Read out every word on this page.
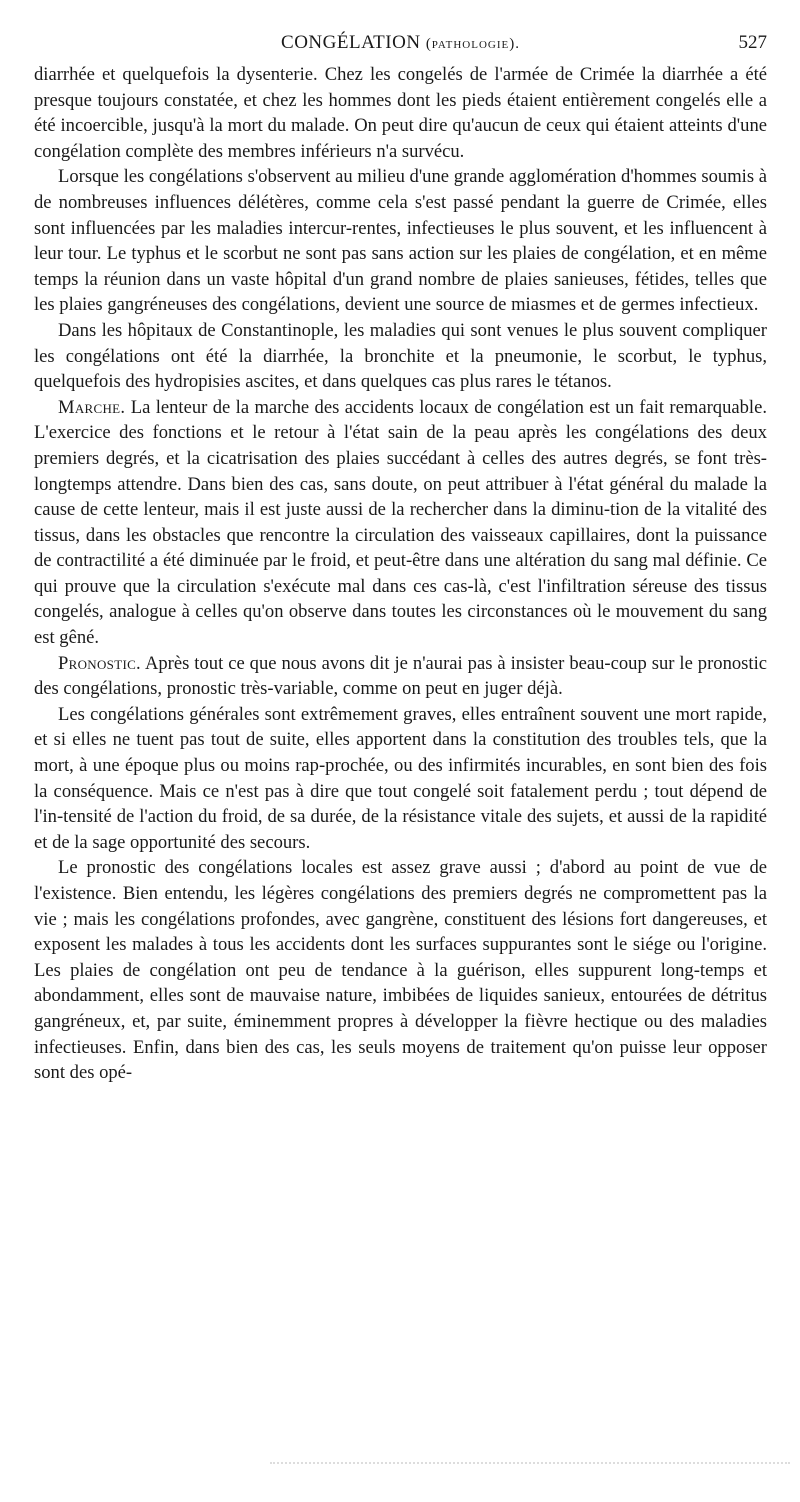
CONGÉLATION (pathologie).	527

diarrhée et quelquefois la dysenterie. Chez les congelés de l'armée de Crimée la diarrhée a été presque toujours constatée, et chez les hommes dont les pieds étaient entièrement congelés elle a été incoercible, jusqu'à la mort du malade. On peut dire qu'aucun de ceux qui étaient atteints d'une congélation complète des membres inférieurs n'a survécu.

Lorsque les congélations s'observent au milieu d'une grande agglomération d'hommes soumis à de nombreuses influences délétères, comme cela s'est passé pendant la guerre de Crimée, elles sont influencées par les maladies intercur-rentes, infectieuses le plus souvent, et les influencent à leur tour. Le typhus et le scorbut ne sont pas sans action sur les plaies de congélation, et en même temps la réunion dans un vaste hôpital d'un grand nombre de plaies sanieuses, fétides, telles que les plaies gangréneuses des congélations, devient une source de miasmes et de germes infectieux.

Dans les hôpitaux de Constantinople, les maladies qui sont venues le plus souvent compliquer les congélations ont été la diarrhée, la bronchite et la pneumonie, le scorbut, le typhus, quelquefois des hydropisies ascites, et dans quelques cas plus rares le tétanos.

Marche. La lenteur de la marche des accidents locaux de congélation est un fait remarquable. L'exercice des fonctions et le retour à l'état sain de la peau après les congélations des deux premiers degrés, et la cicatrisation des plaies succédant à celles des autres degrés, se font très-longtemps attendre. Dans bien des cas, sans doute, on peut attribuer à l'état général du malade la cause de cette lenteur, mais il est juste aussi de la rechercher dans la diminu-tion de la vitalité des tissus, dans les obstacles que rencontre la circulation des vaisseaux capillaires, dont la puissance de contractilité a été diminuée par le froid, et peut-être dans une altération du sang mal définie. Ce qui prouve que la circulation s'exécute mal dans ces cas-là, c'est l'infiltration séreuse des tissus congelés, analogue à celles qu'on observe dans toutes les circonstances où le mouvement du sang est gêné.

Pronostic. Après tout ce que nous avons dit je n'aurai pas à insister beau-coup sur le pronostic des congélations, pronostic très-variable, comme on peut en juger déjà.

Les congélations générales sont extrêmement graves, elles entraînent souvent une mort rapide, et si elles ne tuent pas tout de suite, elles apportent dans la constitution des troubles tels, que la mort, à une époque plus ou moins rap-prochée, ou des infirmités incurables, en sont bien des fois la conséquence. Mais ce n'est pas à dire que tout congelé soit fatalement perdu ; tout dépend de l'in-tensité de l'action du froid, de sa durée, de la résistance vitale des sujets, et aussi de la rapidité et de la sage opportunité des secours.

Le pronostic des congélations locales est assez grave aussi ; d'abord au point de vue de l'existence. Bien entendu, les légères congélations des premiers degrés ne compromettent pas la vie ; mais les congélations profondes, avec gangrène, constituent des lésions fort dangereuses, et exposent les malades à tous les accidents dont les surfaces suppurantes sont le siége ou l'origine. Les plaies de congélation ont peu de tendance à la guérison, elles suppurent long-temps et abondamment, elles sont de mauvaise nature, imbibées de liquides sanieux, entourées de détritus gangréneux, et, par suite, éminemment propres à développer la fièvre hectique ou des maladies infectieuses. Enfin, dans bien des cas, les seuls moyens de traitement qu'on puisse leur opposer sont des opé-
